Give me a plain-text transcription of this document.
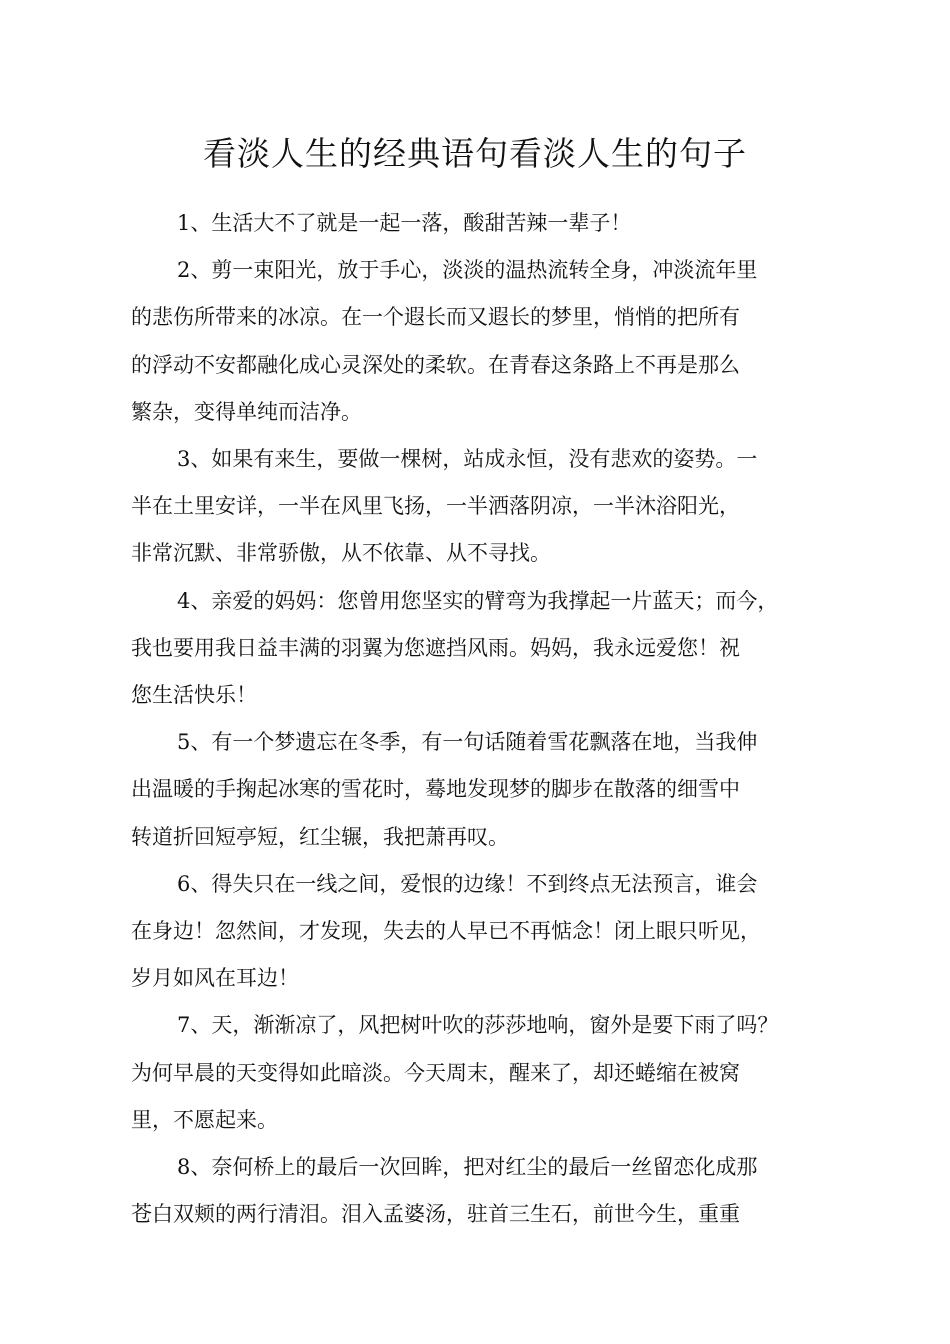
看淡人生的经典语句看淡人生的句子

1、生活大不了就是一起一落，酸甜苦辣一辈子！

2、剪一束阳光，放于手心，淡淡的温热流转全身，冲淡流年里
的悲伤所带来的冰凉。在一个遐长而又遐长的梦里，悄悄的把所有
的浮动不安都融化成心灵深处的柔软。在青春这条路上不再是那么
繁杂，变得单纯而洁净。

3、如果有来生，要做一棵树，站成永恒，没有悲欢的姿势。一
半在土里安详，一半在风里飞扬，一半洒落阴凉，一半沐浴阳光，
非常沉默、非常骄傲，从不依靠、从不寻找。

4、亲爱的妈妈：您曾用您坚实的臂弯为我撑起一片蓝天；而今，
我也要用我日益丰满的羽翼为您遮挡风雨。妈妈，我永远爱您！祝
您生活快乐！

5、有一个梦遗忘在冬季，有一句话随着雪花飘落在地，当我伸
出温暖的手掬起冰寒的雪花时，蓦地发现梦的脚步在散落的细雪中
转道折回短亭短，红尘辗，我把萧再叹。

6、得失只在一线之间，爱恨的边缘！不到终点无法预言，谁会
在身边！忽然间，才发现，失去的人早已不再惦念！闭上眼只听见，
岁月如风在耳边！

7、天，渐渐凉了，风把树叶吹的莎莎地响，窗外是要下雨了吗？
为何早晨的天变得如此暗淡。今天周末，醒来了，却还蜷缩在被窝
里，不愿起来。

8、奈何桥上的最后一次回眸，把对红尘的最后一丝留恋化成那
苍白双颊的两行清泪。泪入孟婆汤，驻首三生石，前世今生，重重
